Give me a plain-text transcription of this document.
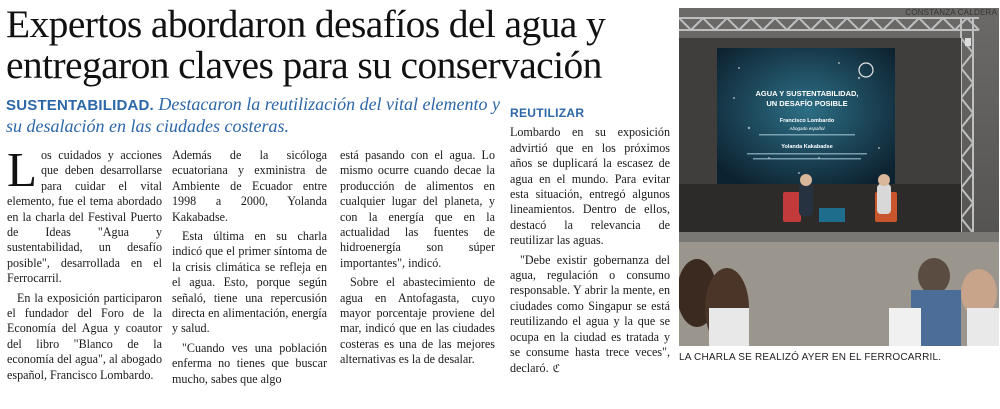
Expertos abordaron desafíos del agua y
entregaron claves para su conservación
SUSTENTABILIDAD. Destacaron la reutilización del vital elemento y su desalación en las ciudades costeras.

Los cuidados y acciones que deben desarrollarse para cuidar el vital elemento, fue el tema abordado en la charla del Festival Puerto de Ideas "Agua y sustentabilidad, un desafío posible", desarrollada en el Ferrocarril.

En la exposición participaron el fundador del Foro de la Economía del Agua y coautor del libro "Blanco de la economía del agua", al abogado español, Francisco Lombardo.

Además de la sicóloga ecuatoriana y exministra de Ambiente de Ecuador entre 1998 a 2000, Yolanda Kakabadse.

Esta última en su charla indicó que el primer síntoma de la crisis climática se refleja en el agua. Esto, porque según señaló, tiene una repercusión directa en alimentación, energía y salud.

"Cuando ves una población enferma no tienes que buscar mucho, sabes que algo

está pasando con el agua. Lo mismo ocurre cuando decae la producción de alimentos en cualquier lugar del planeta, y con la energía que en la actualidad las fuentes de hidroenergía son súper importantes", indicó.

Sobre el abastecimiento de agua en Antofagasta, cuyo mayor porcentaje proviene del mar, indicó que en las ciudades costeras es una de las mejores alternativas es la de desalar.

REUTILIZAR

Lombardo en su exposición advirtió que en los próximos años se duplicará la escasez de agua en el mundo. Para evitar esta situación, entregó algunos lineamientos. Dentro de ellos, destacó la relevancia de reutilizar las aguas.

"Debe existir gobernanza del agua, regulación o consumo responsable. Y abrir la mente, en ciudades como Singapur se está reutilizando el agua y la que se ocupa en la ciudad es tratada y se consume hasta trece veces", declaró. ℭ

AGUA Y SUSTENTABILIDAD,
UN DESAFÍO POSIBLE
Francisco Lombardo
Abogado español
Yolanda Kakabadse
CONSTANZA CALDERA
LA CHARLA SE REALIZÓ AYER EN EL FERROCARRIL.
